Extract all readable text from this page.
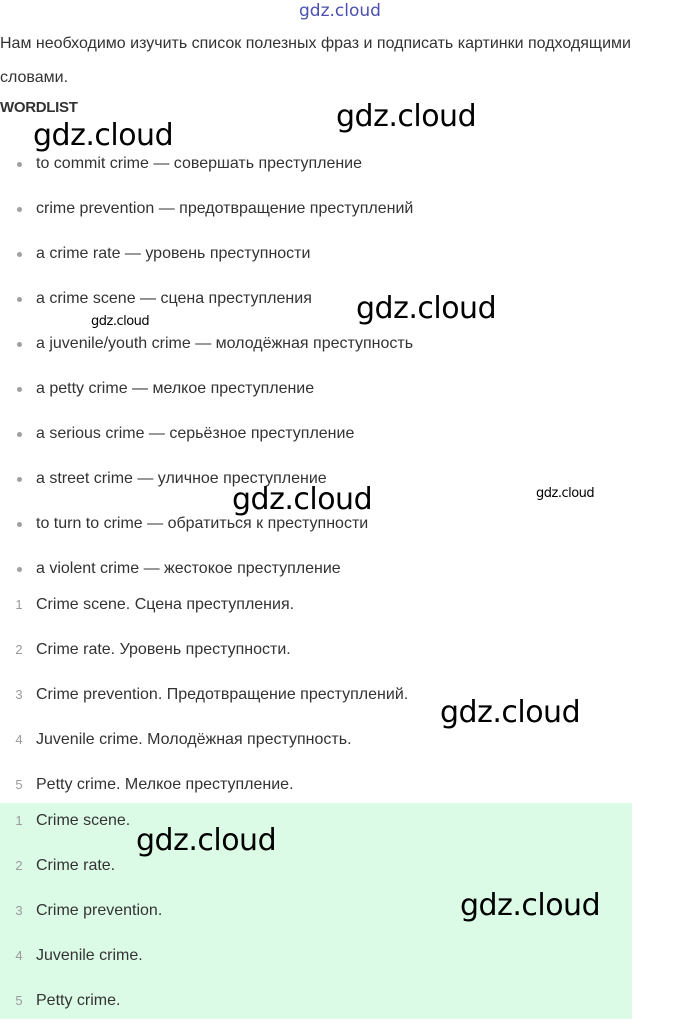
gdz.cloud
Нам необходимо изучить список полезных фраз и подписать картинки подходящими словами.
WORDLIST
to commit crime — совершать преступление
crime prevention — предотвращение преступлений
a crime rate — уровень преступности
a crime scene — сцена преступления
a juvenile/youth crime — молодёжная преступность
a petty crime — мелкое преступление
a serious crime — серьёзное преступление
a street crime — уличное преступление
to turn to crime — обратиться к преступности
a violent crime — жестокое преступление
1 Crime scene. Сцена преступления.
2 Crime rate. Уровень преступности.
3 Crime prevention. Предотвращение преступлений.
4 Juvenile crime. Молодёжная преступность.
5 Petty crime. Мелкое преступление.
1 Crime scene.
2 Crime rate.
3 Crime prevention.
4 Juvenile crime.
5 Petty crime.
gdz.cloud
gdz.cloud
gdz.cloud
gdz.cloud
gdz.cloud	gdz.cloud
gdz.cloud
gdz.cloud
gdz.cloud
